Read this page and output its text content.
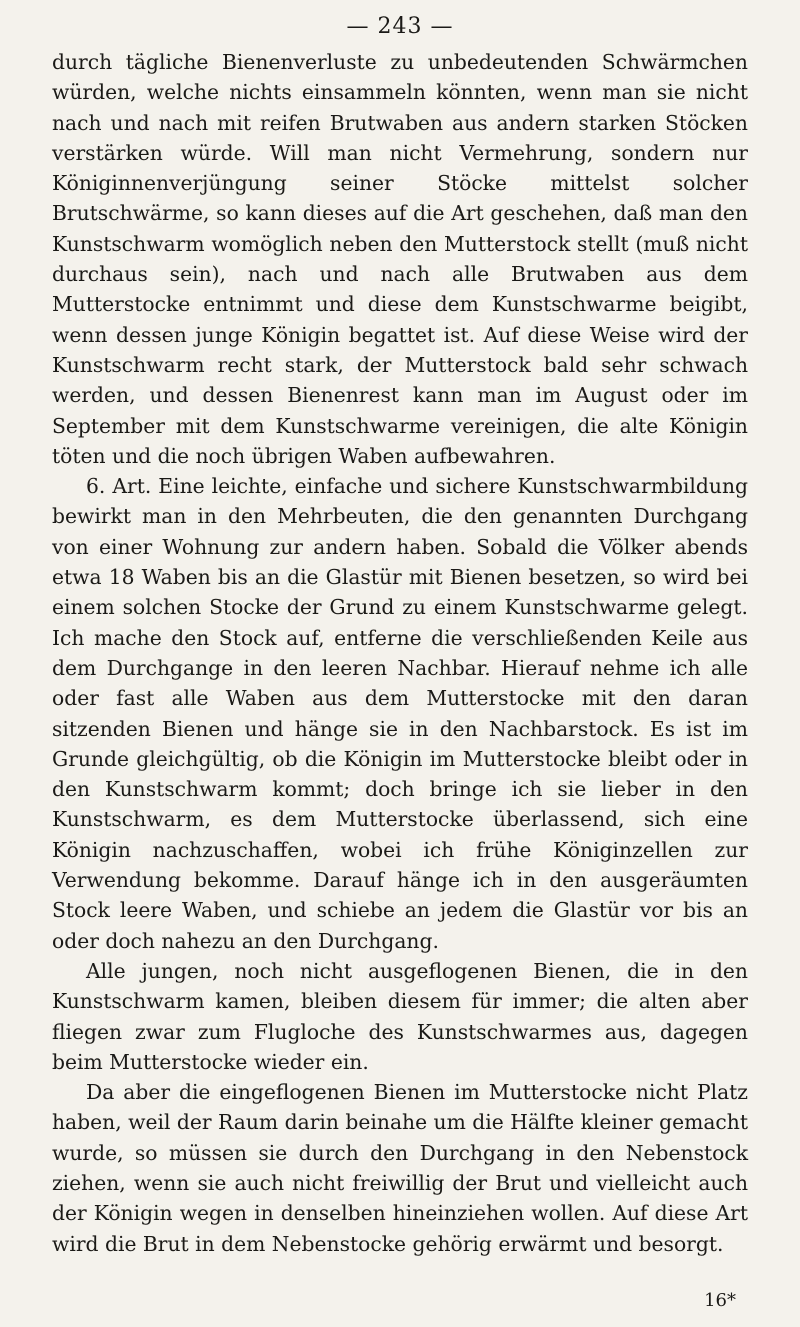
— 243 —

durch tägliche Bienenverluste zu unbedeutenden Schwärmchen würden, welche nichts einsammeln könnten, wenn man sie nicht nach und nach mit reifen Brutwaben aus andern starken Stöcken verstärken würde. Will man nicht Vermehrung, sondern nur Königinnenverjüngung seiner Stöcke mittelst solcher Brutschwärme, so kann dieses auf die Art geschehen, daß man den Kunstschwarm womöglich neben den Mutterstock stellt (muß nicht durchaus sein), nach und nach alle Brutwaben aus dem Mutterstocke entnimmt und diese dem Kunstschwarme beigibt, wenn dessen junge Königin begattet ist. Auf diese Weise wird der Kunstschwarm recht stark, der Mutterstock bald sehr schwach werden, und dessen Bienenrest kann man im August oder im September mit dem Kunstschwarme vereinigen, die alte Königin töten und die noch übrigen Waben aufbewahren.

6. Art. Eine leichte, einfache und sichere Kunstschwarmbildung bewirkt man in den Mehrbeuten, die den genannten Durchgang von einer Wohnung zur andern haben. Sobald die Völker abends etwa 18 Waben bis an die Glastür mit Bienen besetzen, so wird bei einem solchen Stocke der Grund zu einem Kunstschwarme gelegt. Ich mache den Stock auf, entferne die verschließenden Keile aus dem Durchgange in den leeren Nachbar. Hierauf nehme ich alle oder fast alle Waben aus dem Mutterstocke mit den daran sitzenden Bienen und hänge sie in den Nachbarstock. Es ist im Grunde gleichgültig, ob die Königin im Mutterstocke bleibt oder in den Kunstschwarm kommt; doch bringe ich sie lieber in den Kunstschwarm, es dem Mutterstocke überlassend, sich eine Königin nachzuschaffen, wobei ich frühe Königinzellen zur Verwendung bekomme. Darauf hänge ich in den ausgeräumten Stock leere Waben, und schiebe an jedem die Glastür vor bis an oder doch nahezu an den Durchgang.

Alle jungen, noch nicht ausgeflogenen Bienen, die in den Kunstschwarm kamen, bleiben diesem für immer; die alten aber fliegen zwar zum Flugloche des Kunstschwarmes aus, dagegen beim Mutterstocke wieder ein.

Da aber die eingeflogenen Bienen im Mutterstocke nicht Platz haben, weil der Raum darin beinahe um die Hälfte kleiner gemacht wurde, so müssen sie durch den Durchgang in den Nebenstock ziehen, wenn sie auch nicht freiwillig der Brut und vielleicht auch der Königin wegen in denselben hineinziehen wollen. Auf diese Art wird die Brut in dem Nebenstocke gehörig erwärmt und besorgt.

16*
